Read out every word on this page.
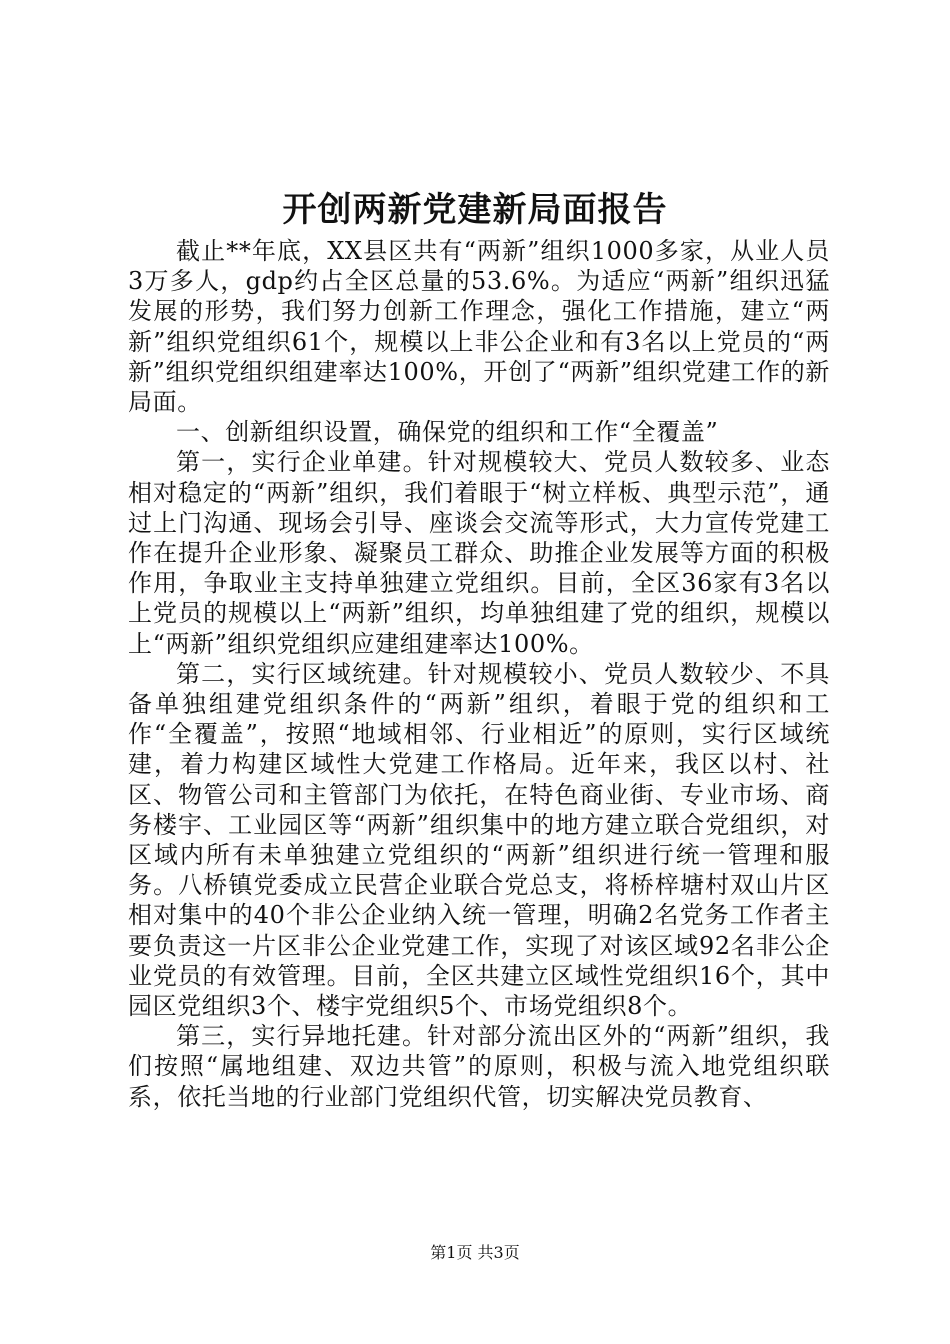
开创两新党建新局面报告

截止**年底，XX县区共有“两新”组织1000多家，从业人员3万多人，gdp约占全区总量的53.6%。为适应“两新”组织迅猛发展的形势，我们努力创新工作理念，强化工作措施，建立“两新”组织党组织61个，规模以上非公企业和有3名以上党员的“两新”组织党组织组建率达100%，开创了“两新”组织党建工作的新局面。

一、创新组织设置，确保党的组织和工作“全覆盖”

第一，实行企业单建。针对规模较大、党员人数较多、业态相对稳定的“两新”组织，我们着眼于“树立样板、典型示范”，通过上门沟通、现场会引导、座谈会交流等形式，大力宣传党建工作在提升企业形象、凝聚员工群众、助推企业发展等方面的积极作用，争取业主支持单独建立党组织。目前，全区36家有3名以上党员的规模以上“两新”组织，均单独组建了党的组织，规模以上“两新”组织党组织应建组建率达100%。

第二，实行区域统建。针对规模较小、党员人数较少、不具备单独组建党组织条件的“两新”组织，着眼于党的组织和工作“全覆盖”，按照“地域相邻、行业相近”的原则，实行区域统建，着力构建区域性大党建工作格局。近年来，我区以村、社区、物管公司和主管部门为依托，在特色商业街、专业市场、商务楼宇、工业园区等“两新”组织集中的地方建立联合党组织，对区域内所有未单独建立党组织的“两新”组织进行统一管理和服务。八桥镇党委成立民营企业联合党总支，将桥梓塘村双山片区相对集中的40个非公企业纳入统一管理，明确2名党务工作者主要负责这一片区非公企业党建工作，实现了对该区域92名非公企业党员的有效管理。目前，全区共建立区域性党组织16个，其中园区党组织3个、楼宇党组织5个、市场党组织8个。

第三，实行异地托建。针对部分流出区外的“两新”组织，我们按照“属地组建、双边共管”的原则，积极与流入地党组织联系，依托当地的行业部门党组织代管，切实解决党员教育、

第1页 共3页
